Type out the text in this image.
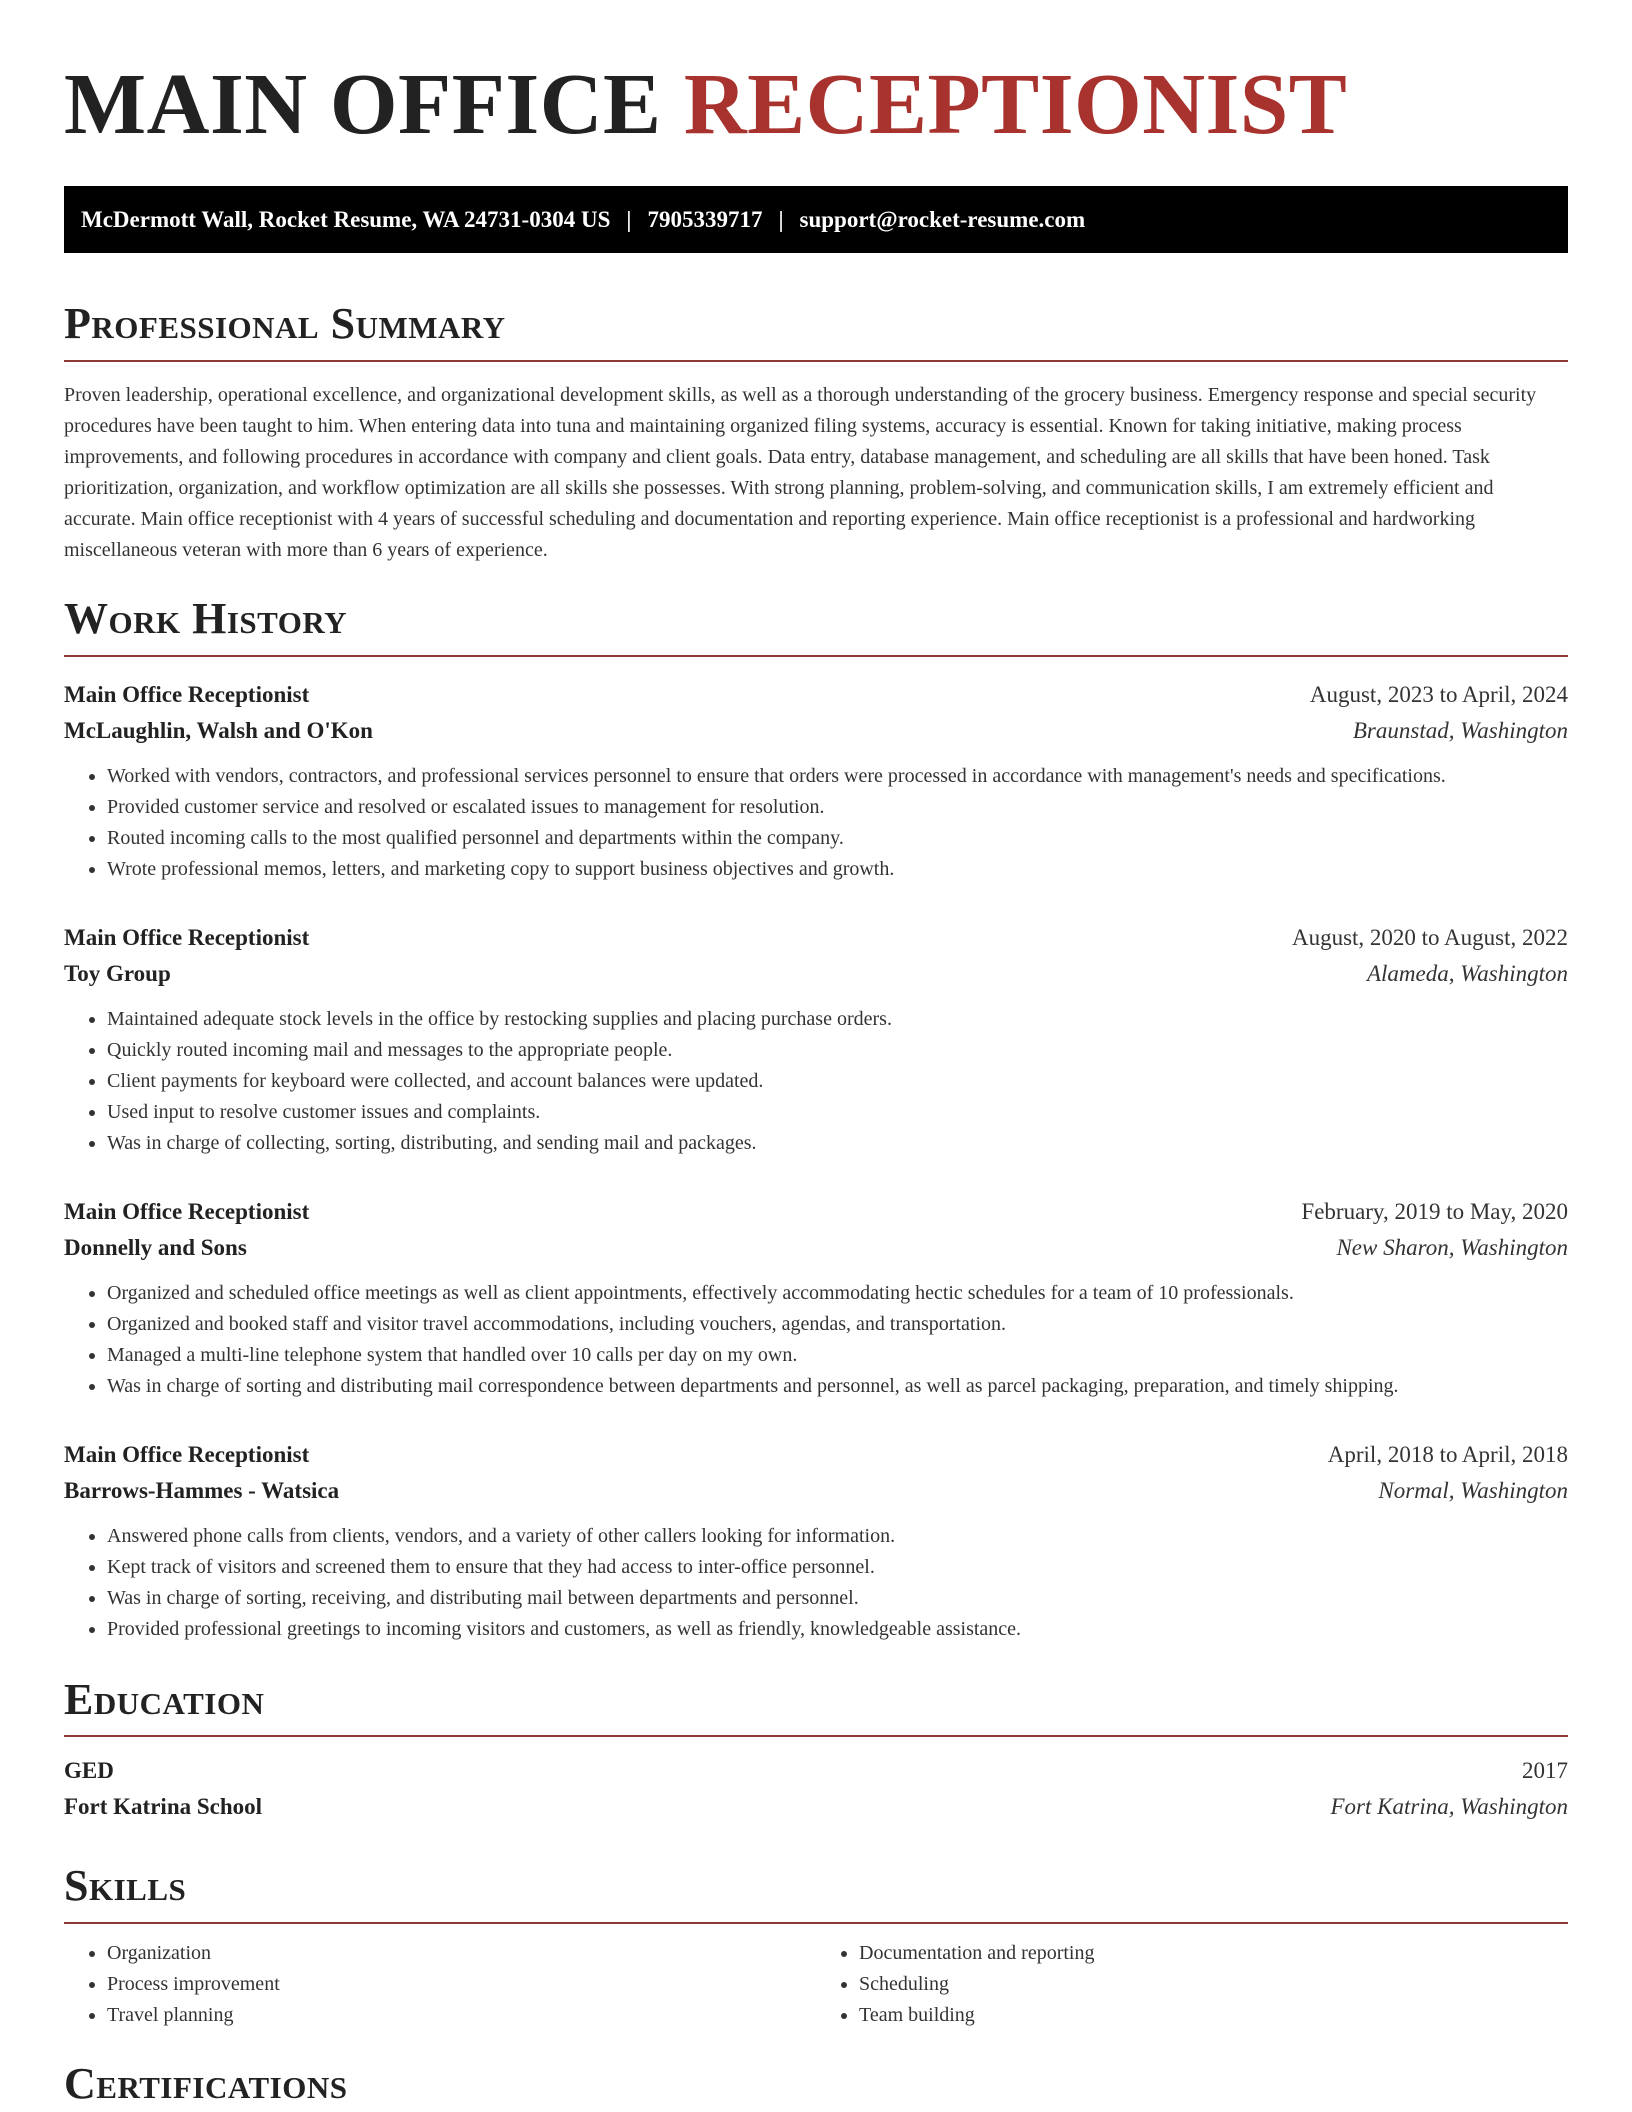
MAIN OFFICE RECEPTIONIST
McDermott Wall, Rocket Resume, WA 24731-0304 US | 7905339717 | support@rocket-resume.com
Professional Summary

Proven leadership, operational excellence, and organizational development skills, as well as a thorough understanding of the grocery business. Emergency response and special security procedures have been taught to him. When entering data into tuna and maintaining organized filing systems, accuracy is essential. Known for taking initiative, making process improvements, and following procedures in accordance with company and client goals. Data entry, database management, and scheduling are all skills that have been honed. Task prioritization, organization, and workflow optimization are all skills she possesses. With strong planning, problem-solving, and communication skills, I am extremely efficient and accurate. Main office receptionist with 4 years of successful scheduling and documentation and reporting experience. Main office receptionist is a professional and hardworking miscellaneous veteran with more than 6 years of experience.

Work History
Main Office Receptionist	August, 2023 to April, 2024
McLaughlin, Walsh and O'Kon	Braunstad, Washington
• Worked with vendors, contractors, and professional services personnel to ensure that orders were processed in accordance with management's needs and specifications.
• Provided customer service and resolved or escalated issues to management for resolution.
• Routed incoming calls to the most qualified personnel and departments within the company.
• Wrote professional memos, letters, and marketing copy to support business objectives and growth.
Main Office Receptionist	August, 2020 to August, 2022
Toy Group	Alameda, Washington
• Maintained adequate stock levels in the office by restocking supplies and placing purchase orders.
• Quickly routed incoming mail and messages to the appropriate people.
• Client payments for keyboard were collected, and account balances were updated.
• Used input to resolve customer issues and complaints.
• Was in charge of collecting, sorting, distributing, and sending mail and packages.
Main Office Receptionist	February, 2019 to May, 2020
Donnelly and Sons	New Sharon, Washington
• Organized and scheduled office meetings as well as client appointments, effectively accommodating hectic schedules for a team of 10 professionals.
• Organized and booked staff and visitor travel accommodations, including vouchers, agendas, and transportation.
• Managed a multi-line telephone system that handled over 10 calls per day on my own.
• Was in charge of sorting and distributing mail correspondence between departments and personnel, as well as parcel packaging, preparation, and timely shipping.
Main Office Receptionist	April, 2018 to April, 2018
Barrows-Hammes - Watsica	Normal, Washington
• Answered phone calls from clients, vendors, and a variety of other callers looking for information.
• Kept track of visitors and screened them to ensure that they had access to inter-office personnel.
• Was in charge of sorting, receiving, and distributing mail between departments and personnel.
• Provided professional greetings to incoming visitors and customers, as well as friendly, knowledgeable assistance.
Education
GED	2017
Fort Katrina School	Fort Katrina, Washington
Skills
• Organization
• Process improvement
• Travel planning
• Documentation and reporting
• Scheduling
• Team building
Certifications
